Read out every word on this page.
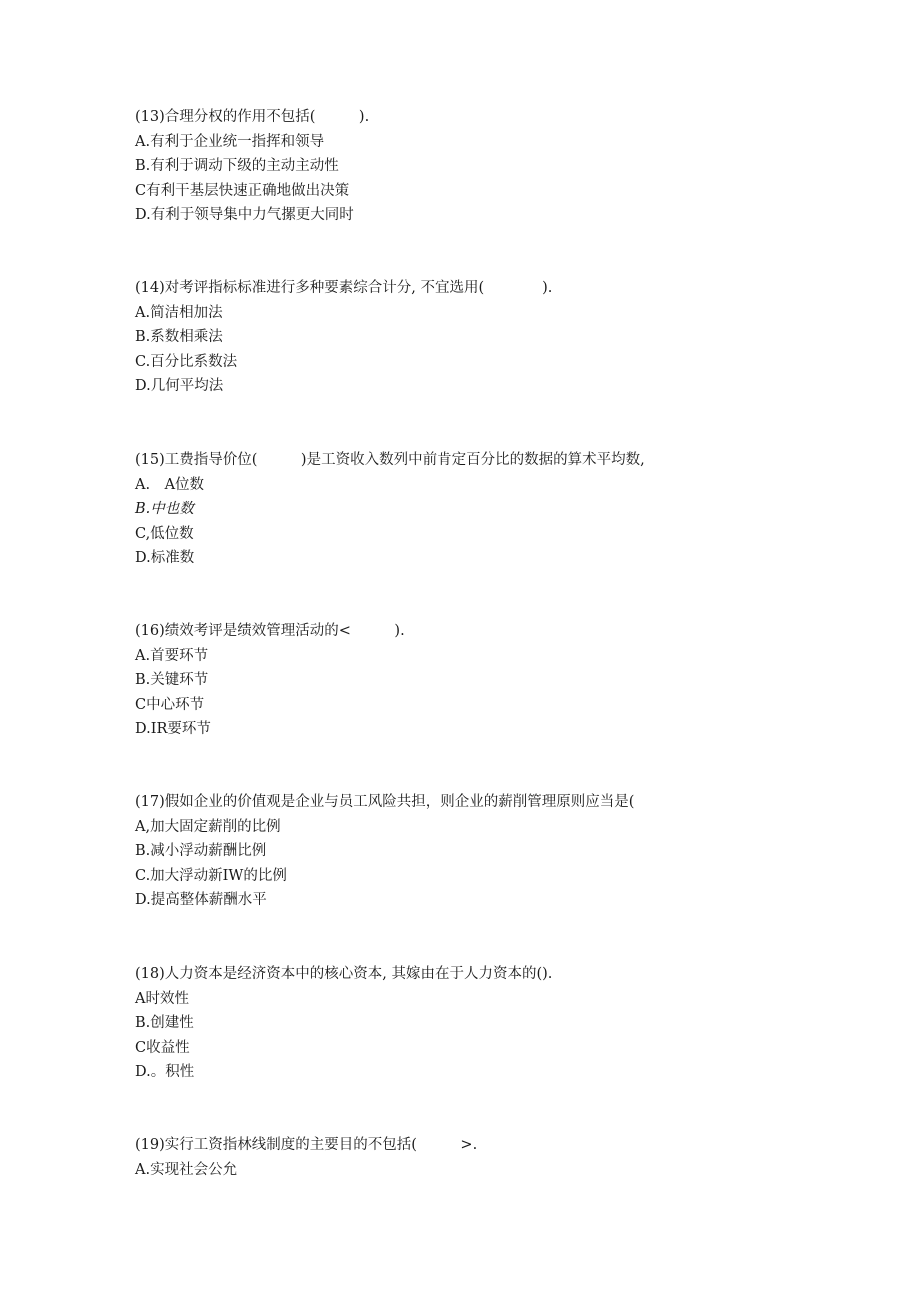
(13)合理分权的作用不包括(　　　).
A.有利于企业统一指挥和领导
B.有利于调动下级的主动主动性
C有利干基层快速正确地做出决策
D.有利于领导集中力气摞更大同时
(14)对考评指标标准进行多种要素综合计分, 不宜选用(　　　　).
A.简洁相加法
B.系数相乘法
C.百分比系数法
D.几何平均法
(15)工费指导价位(　　　)是工资收入数列中前肯定百分比的数据的算术平均数,
A.　A位数
B.中也数
C,低位数
D.标准数
(16)绩效考评是绩效管理活动的<　　　).
A.首要环节
B.关键环节
C中心环节
D.IR要环节
(17)假如企业的价值观是企业与员工风险共担，则企业的薪削管理原则应当是(
A,加大固定薪削的比例
B.减小浮动薪酬比例
C.加大浮动新IW的比例
D.提高整体薪酬水平
(18)人力资本是经济资本中的核心资本, 其嫁由在于人力资本的().
A时效性
B.创建性
C收益性
D.。积性
(19)实行工资指林线制度的主要目的不包括(　　　>.
A.实现社会公允
